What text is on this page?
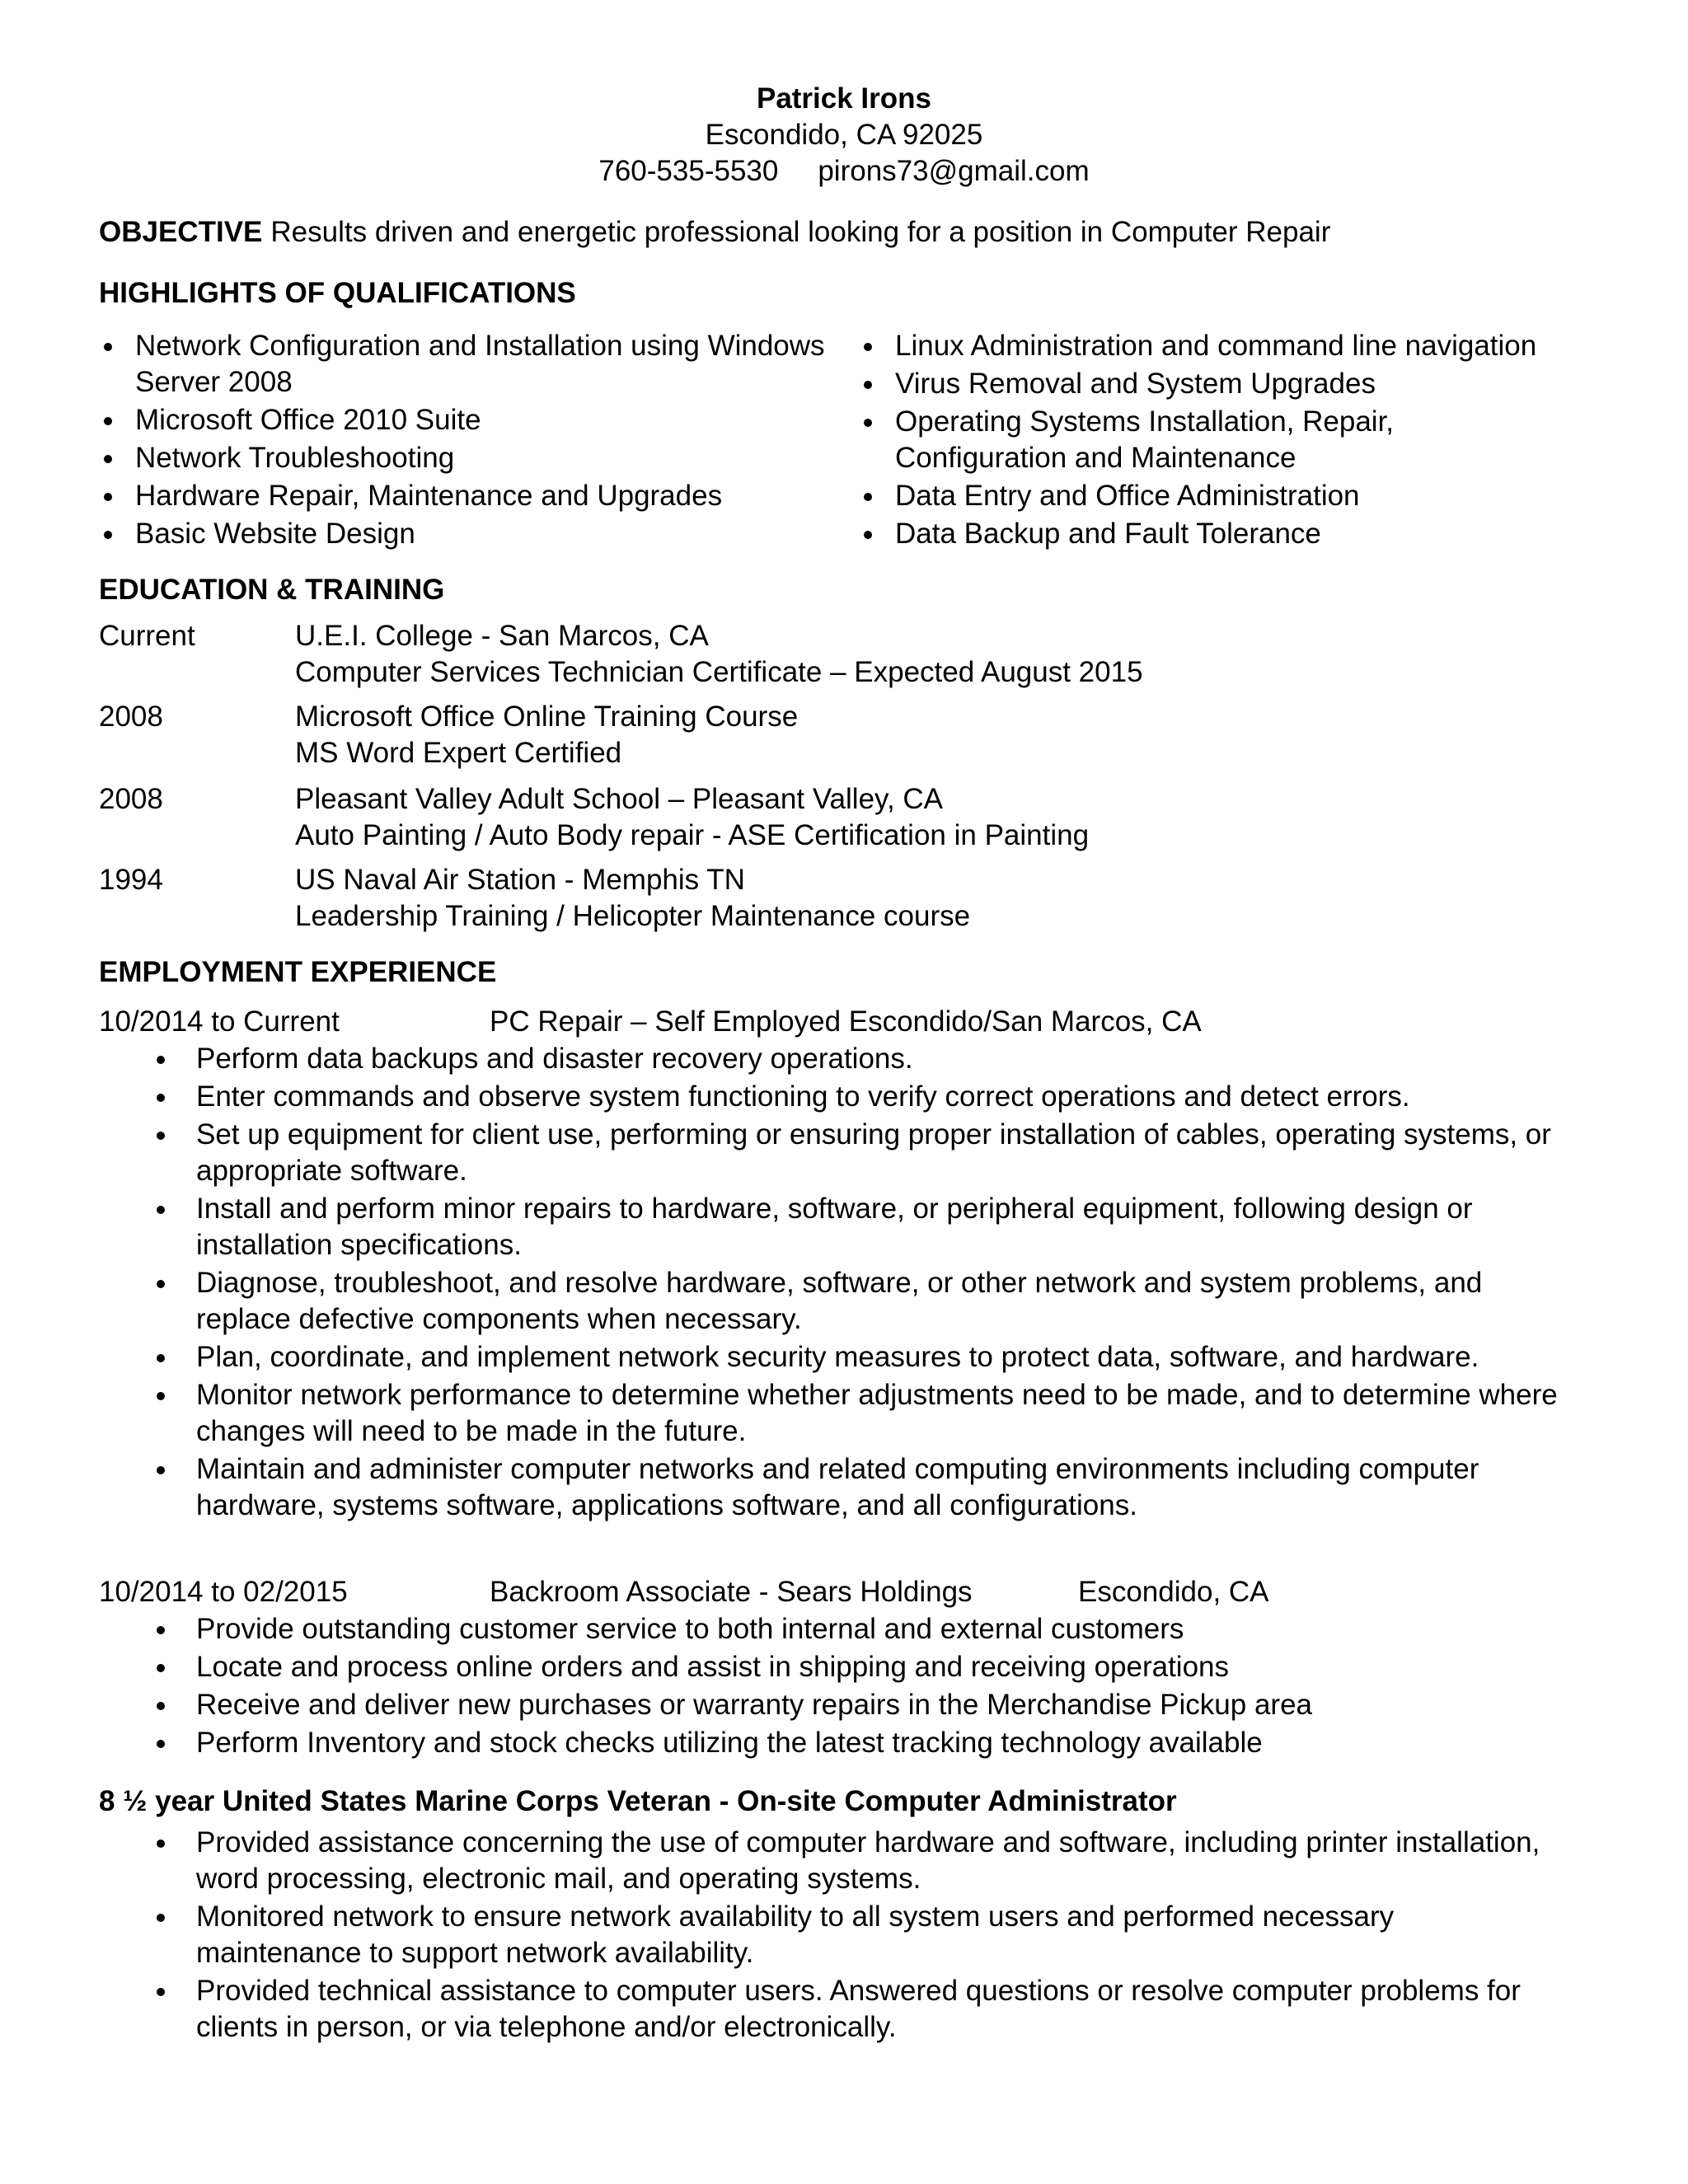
Patrick Irons
Escondido, CA 92025
760-535-5530 pirons73@gmail.com
OBJECTIVE Results driven and energetic professional looking for a position in Computer Repair
HIGHLIGHTS OF QUALIFICATIONS
Network Configuration and Installation using Windows Server 2008
Microsoft Office 2010 Suite
Network Troubleshooting
Hardware Repair, Maintenance and Upgrades
Basic Website Design
Linux Administration and command line navigation
Virus Removal and System Upgrades
Operating Systems Installation, Repair, Configuration and Maintenance
Data Entry and Office Administration
Data Backup and Fault Tolerance
EDUCATION & TRAINING
Current	U.E.I. College - San Marcos, CA
Computer Services Technician Certificate – Expected August 2015
2008	Microsoft Office Online Training Course
MS Word Expert Certified
2008	Pleasant Valley Adult School – Pleasant Valley, CA
Auto Painting / Auto Body repair - ASE Certification in Painting
1994	US Naval Air Station - Memphis TN
Leadership Training / Helicopter Maintenance course
EMPLOYMENT EXPERIENCE
10/2014 to Current	PC Repair – Self Employed Escondido/San Marcos, CA
Perform data backups and disaster recovery operations.
Enter commands and observe system functioning to verify correct operations and detect errors.
Set up equipment for client use, performing or ensuring proper installation of cables, operating systems, or appropriate software.
Install and perform minor repairs to hardware, software, or peripheral equipment, following design or installation specifications.
Diagnose, troubleshoot, and resolve hardware, software, or other network and system problems, and replace defective components when necessary.
Plan, coordinate, and implement network security measures to protect data, software, and hardware.
Monitor network performance to determine whether adjustments need to be made, and to determine where changes will need to be made in the future.
Maintain and administer computer networks and related computing environments including computer hardware, systems software, applications software, and all configurations.
10/2014 to 02/2015	Backroom Associate - Sears Holdings	Escondido, CA
Provide outstanding customer service to both internal and external customers
Locate and process online orders and assist in shipping and receiving operations
Receive and deliver new purchases or warranty repairs in the Merchandise Pickup area
Perform Inventory and stock checks utilizing the latest tracking technology available
8 ½ year United States Marine Corps Veteran - On-site Computer Administrator
Provided assistance concerning the use of computer hardware and software, including printer installation, word processing, electronic mail, and operating systems.
Monitored network to ensure network availability to all system users and performed necessary maintenance to support network availability.
Provided technical assistance to computer users. Answered questions or resolve computer problems for clients in person, or via telephone and/or electronically.
